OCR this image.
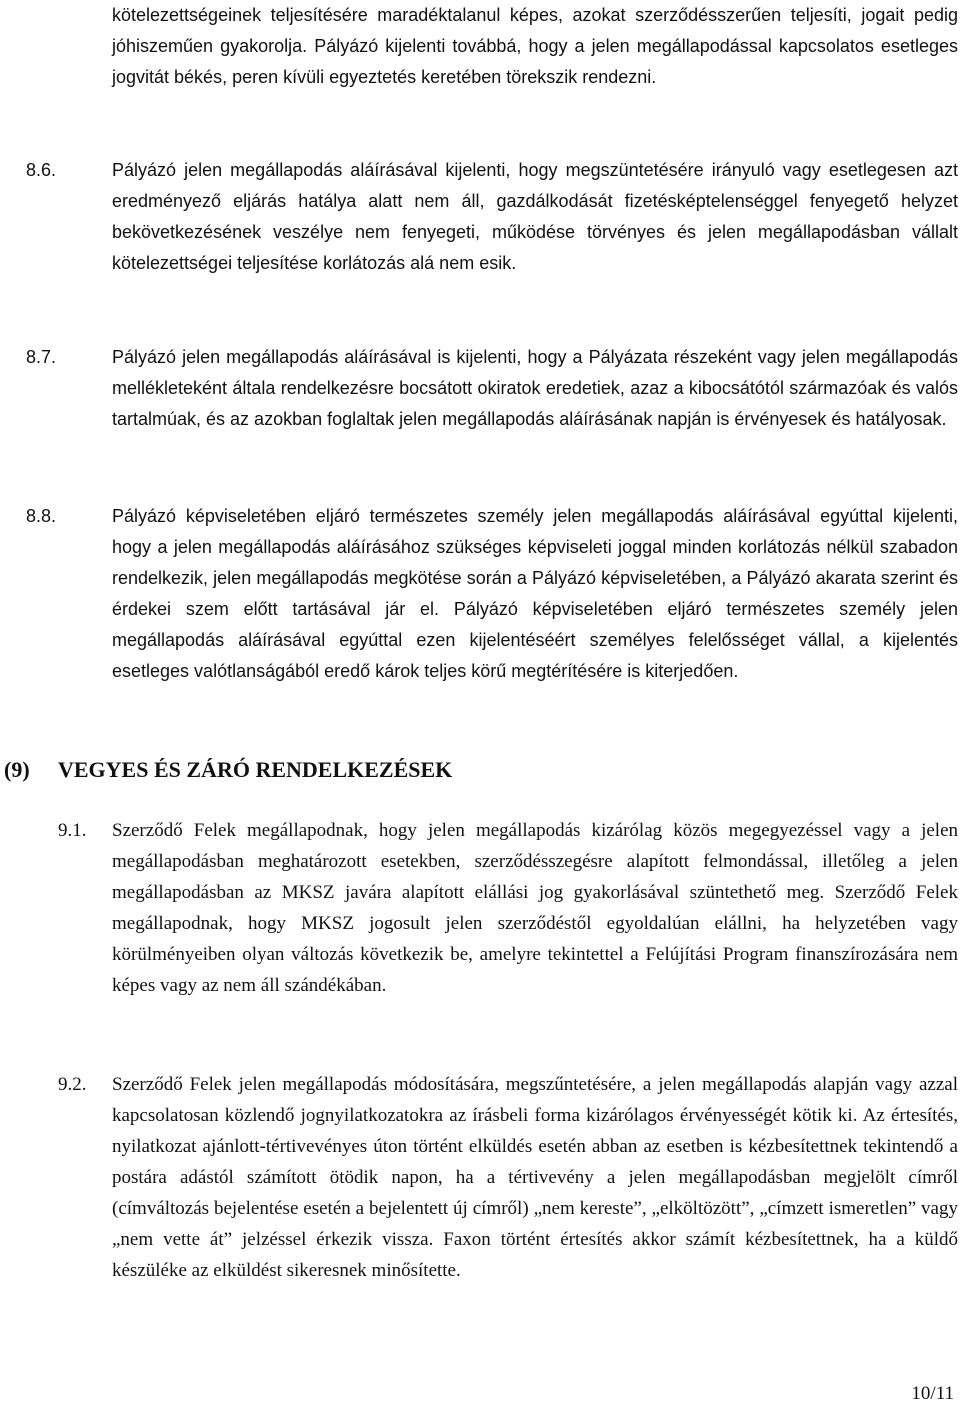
kötelezettségeinek teljesítésére maradéktalanul képes, azokat szerződésszerűen teljesíti, jogait pedig jóhiszeműen gyakorolja. Pályázó kijelenti továbbá, hogy a jelen megállapodással kapcsolatos esetleges jogvitát békés, peren kívüli egyeztetés keretében törekszik rendezni.

8.6.	Pályázó jelen megállapodás aláírásával kijelenti, hogy megszüntetésére irányuló vagy esetlegesen azt eredményező eljárás hatálya alatt nem áll, gazdálkodását fizetésképtelenséggel fenyegető helyzet bekövetkezésének veszélye nem fenyegeti, működése törvényes és jelen megállapodásban vállalt kötelezettségei teljesítése korlátozás alá nem esik.
8.7.	Pályázó jelen megállapodás aláírásával is kijelenti, hogy a Pályázata részeként vagy jelen megállapodás mellékleteként általa rendelkezésre bocsátott okiratok eredetiek, azaz a kibocsátótól származóak és valós tartalmúak, és az azokban foglaltak jelen megállapodás aláírásának napján is érvényesek és hatályosak.
8.8.	Pályázó képviseletében eljáró természetes személy jelen megállapodás aláírásával egyúttal kijelenti, hogy a jelen megállapodás aláírásához szükséges képviseleti joggal minden korlátozás nélkül szabadon rendelkezik, jelen megállapodás megkötése során a Pályázó képviseletében, a Pályázó akarata szerint és érdekei szem előtt tartásával jár el. Pályázó képviseletében eljáró természetes személy jelen megállapodás aláírásával egyúttal ezen kijelentéséért személyes felelősséget vállal, a kijelentés esetleges valótlanságából eredő károk teljes körű megtérítésére is kiterjedően.
(9) VEGYES ÉS ZÁRÓ RENDELKEZÉSEK
9.1.	Szerződő Felek megállapodnak, hogy jelen megállapodás kizárólag közös megegyezéssel vagy a jelen megállapodásban meghatározott esetekben, szerződésszegésre alapított felmondással, illetőleg a jelen megállapodásban az MKSZ javára alapított elállási jog gyakorlásával szüntethető meg. Szerződő Felek megállapodnak, hogy MKSZ jogosult jelen szerződéstől egyoldalúan elállni, ha helyzetében vagy körülményeiben olyan változás következik be, amelyre tekintettel a Felújítási Program finanszírozására nem képes vagy az nem áll szándékában.
9.2.	Szerződő Felek jelen megállapodás módosítására, megszűntetésére, a jelen megállapodás alapján vagy azzal kapcsolatosan közlendő jognyilatkozatokra az írásbeli forma kizárólagos érvényességét kötik ki. Az értesítés, nyilatkozat ajánlott-tértivevényes úton történt elküldés esetén abban az esetben is kézbesítettnek tekintendő a postára adástól számított ötödik napon, ha a tértivevény a jelen megállapodásban megjelölt címről (címváltozás bejelentése esetén a bejelentett új címről) „nem kereste”, „elköltözött”, „címzett ismeretlen” vagy „nem vette át” jelzéssel érkezik vissza. Faxon történt értesítés akkor számít kézbesítettnek, ha a küldő készüléke az elküldést sikeresnek minősítette.
10/11
